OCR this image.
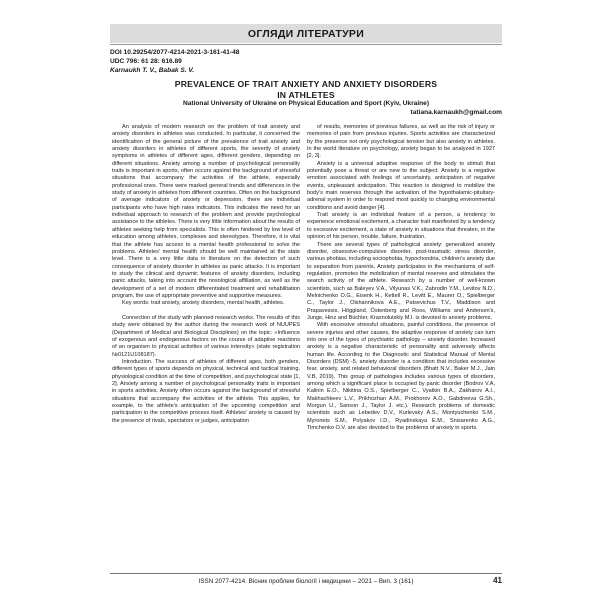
ОГЛЯДИ ЛІТЕРАТУРИ
DOI 10.29254/2077-4214-2021-3-161-41-48
UDC 796: 61 28: 616.89
Karnaukh T. V., Babak S. V.
PREVALENCE OF TRAIT ANXIETY AND ANXIETY DISORDERS
IN ATHLETES
National University of Ukraine on Physical Education and Sport (Kyiv, Ukraine)
tatiana.karnaukh@gmail.com

An analysis of modern research on the problem of trait anxiety and anxiety disorders in athletes was conducted. In particular, it concerned the identification of the general picture of the prevalence of trait anxiety and anxiety disorders in athletes of different sports, the severity of anxiety symptoms in athletes of different ages, different genders, depending on different situations. Anxiety among a number of psychological personality traits is important in sports, often occurs against the background of stressful situations that accompany the activities of the athlete, especially professional ones. There were marked general trends and differences in the study of anxiety in athletes from different countries. Often on the background of average indicators of anxiety or depression, there are individual participants who have high rates indicators. This indicates the need for an individual approach to research of the problem and provide psychological assistance to the athletes. There is very little information about the results of athletes seeking help from specialists. This is often hindered by low level of education among athletes, complexes and stereotypes. Therefore, it is vital that the athlete has access to a mental health professional to solve the problems. Athletes' mental health should be well maintained at the state level. There is a very little data in literature on the detection of such consequence of anxiety disorder in athletes as panic attacks. It is important to study the clinical and dynamic features of anxiety disorders, including panic attacks, taking into account the nosological affiliation, as well as the development of a set of modern differentiated treatment and rehabilitation program, the use of appropriate preventive and supportive measures.

Key words: trait anxiety, anxiety disorders, mental health, athletes.

Connection of the study with planned research works. The results of this study were obtained by the author during the research work of NUUPES (Department of Medical and Biological Disciplines) on the topic: «Influence of exogenous and endogenous factors on the course of adaptive reactions of an organism to physical activities of various intensity» (state registration №0121U108187).

Introduction. The success of athletes of different ages, both genders, different types of sports depends on physical, technical and tactical training, physiological condition at the time of competition, and psychological state [1, 2]. Anxiety among a number of psychological personality traits is important in sports activities. Anxiety often occurs against the background of stressful situations that accompany the activities of the athlete. This applies, for example, to the athlete's anticipation of the upcoming competition and participation in the competitive process itself. Athletes' anxiety is caused by the presence of rivals, spectators or judges, anticipation

of results, memories of previous failures, as well as the risk of injury or memories of pain from previous injuries. Sports activities are characterized by the presence not only psychological tension but also anxiety in athletes. In the world literature on psychology, anxiety began to be analyzed in 1927 [2, 3].

Anxiety is a universal adaptive response of the body to stimuli that potentially pose a threat or are new to the subject. Anxiety is a negative emotion associated with feelings of uncertainty, anticipation of negative events, unpleasant anticipation. This reaction is designed to mobilize the body's main reserves through the activation of the hypothalamic-pituitary-adrenal system in order to respond most quickly to changing environmental conditions and avoid danger [4].

Trait anxiety is an individual feature of a person, a tendency to experience emotional excitement, a character trait manifested by a tendency to excessive excitement, a state of anxiety in situations that threaten, in the opinion of his person, trouble, failure, frustration.

There are several types of pathological anxiety: generalized anxiety disorder, obsessive-compulsive disorder, post-traumatic stress disorder, various phobias, including sociophobia, hypochondria, children's anxiety due to separation from parents. Anxiety participates in the mechanisms of self-regulation, promotes the mobilization of mental reserves and stimulates the search activity of the athlete. Research by a number of well-known scientists, such as Baleyev V.A., Vilyunas V.K., Zabrodin Y.M., Levitov N.D., Melnichenko O.G., Eisenk H., Kettell R., Levitt E., Maurer O., Spielberger C., Taylor J., Olshannikova A.E., Patsevichus T.V., Maddison and Prapavessis, Höggland, Östenberg and Roos, Williams and Andersen's, Junge, Hinz and Büchler, Krasnolutskiy M.I. is devoted to anxiety problems.

With excessive stressful situations, painful conditions, the presence of severe injuries and other causes, the adaptive response of anxiety can turn into one of the types of psychiatric pathology – anxiety disorder. Increased anxiety is a negative characteristic of personality and adversely affects human life. According to the Diagnostic and Statistical Manual of Mental Disorders (DSM) -5, anxiety disorder is a condition that includes excessive fear, anxiety, and related behavioral disorders (Bhatt N.V., Baker M.J., Jain V.B, 2019). This group of pathologies includes various types of disorders, among which a significant place is occupied by panic disorder (Bodrov V.A, Kalinin E.O., Nikitina O.S., Spielberger C., Vyatkin B.A., Zakharov A.I., Makhachkeev L.V., Prikhozhan A.M., Prokhorov A.O., Gabdreeva G.Sh., Morgun U., Sanson J., Taylor J. etc.). Research problems of domestic scientists such as Lebedev D.V., Kurlevsky A.S., Montyuchenko S.M., Myronets S.M., Polyakov I.D., Ryadinskaya E.M., Snisarenko A.G., Timchenko O.V. are also devoted to the problems of anxiety in sports.

ISSN 2077-4214. Вісник проблем біології і медицини – 2021 – Вип. 3 (161)	41
